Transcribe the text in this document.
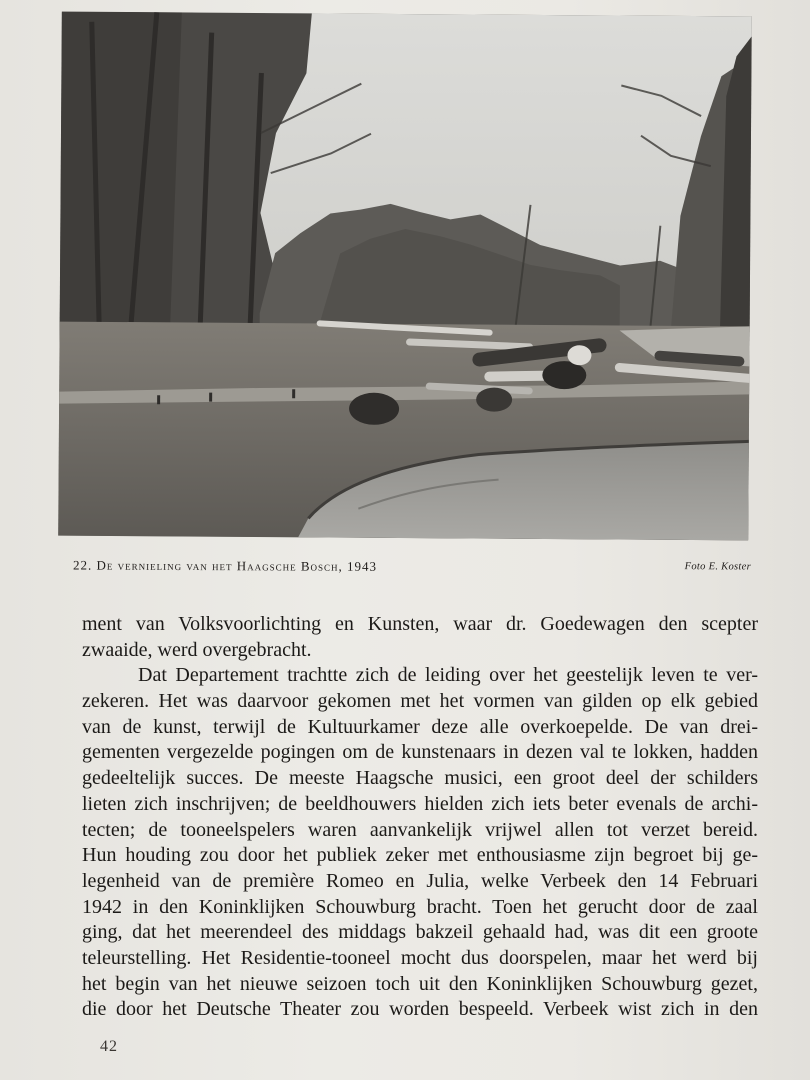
22. De vernieling van het Haagsche Bosch, 1943	Foto E. Koster
ment van Volksvoorlichting en Kunsten, waar dr. Goedewagen den scepter
zwaaide, werd overgebracht.
Dat Departement trachtte zich de leiding over het geestelijk leven te ver-
zekeren. Het was daarvoor gekomen met het vormen van gilden op elk gebied
van de kunst, terwijl de Kultuurkamer deze alle overkoepelde. De van drei-
gementen vergezelde pogingen om de kunstenaars in dezen val te lokken, hadden
gedeeltelijk succes. De meeste Haagsche musici, een groot deel der schilders
lieten zich inschrijven; de beeldhouwers hielden zich iets beter evenals de archi-
tecten; de tooneelspelers waren aanvankelijk vrijwel allen tot verzet bereid.
Hun houding zou door het publiek zeker met enthousiasme zijn begroet bij ge-
legenheid van de première Romeo en Julia, welke Verbeek den 14 Februari
1942 in den Koninklijken Schouwburg bracht. Toen het gerucht door de zaal
ging, dat het meerendeel des middags bakzeil gehaald had, was dit een groote
teleurstelling. Het Residentie-tooneel mocht dus doorspelen, maar het werd bij
het begin van het nieuwe seizoen toch uit den Koninklijken Schouwburg gezet,
die door het Deutsche Theater zou worden bespeeld. Verbeek wist zich in den
42
